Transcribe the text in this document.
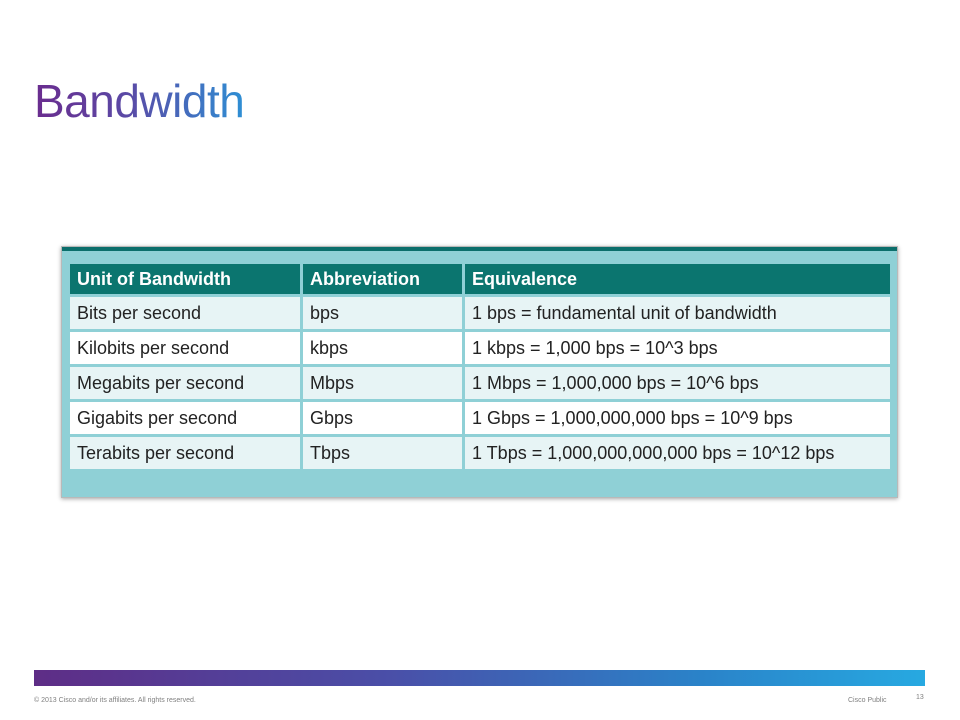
Bandwidth
Unit of Bandwidth	Abbreviation	Equivalence
Bits per second	bps	1 bps = fundamental unit of bandwidth
Kilobits per second	kbps	1 kbps = 1,000 bps = 10^3 bps
Megabits per second	Mbps	1 Mbps = 1,000,000 bps = 10^6 bps
Gigabits per second	Gbps	1 Gbps = 1,000,000,000 bps = 10^9 bps
Terabits per second	Tbps	1 Tbps = 1,000,000,000,000 bps = 10^12 bps
© 2013 Cisco and/or its affiliates. All rights reserved.	Cisco Public	13
